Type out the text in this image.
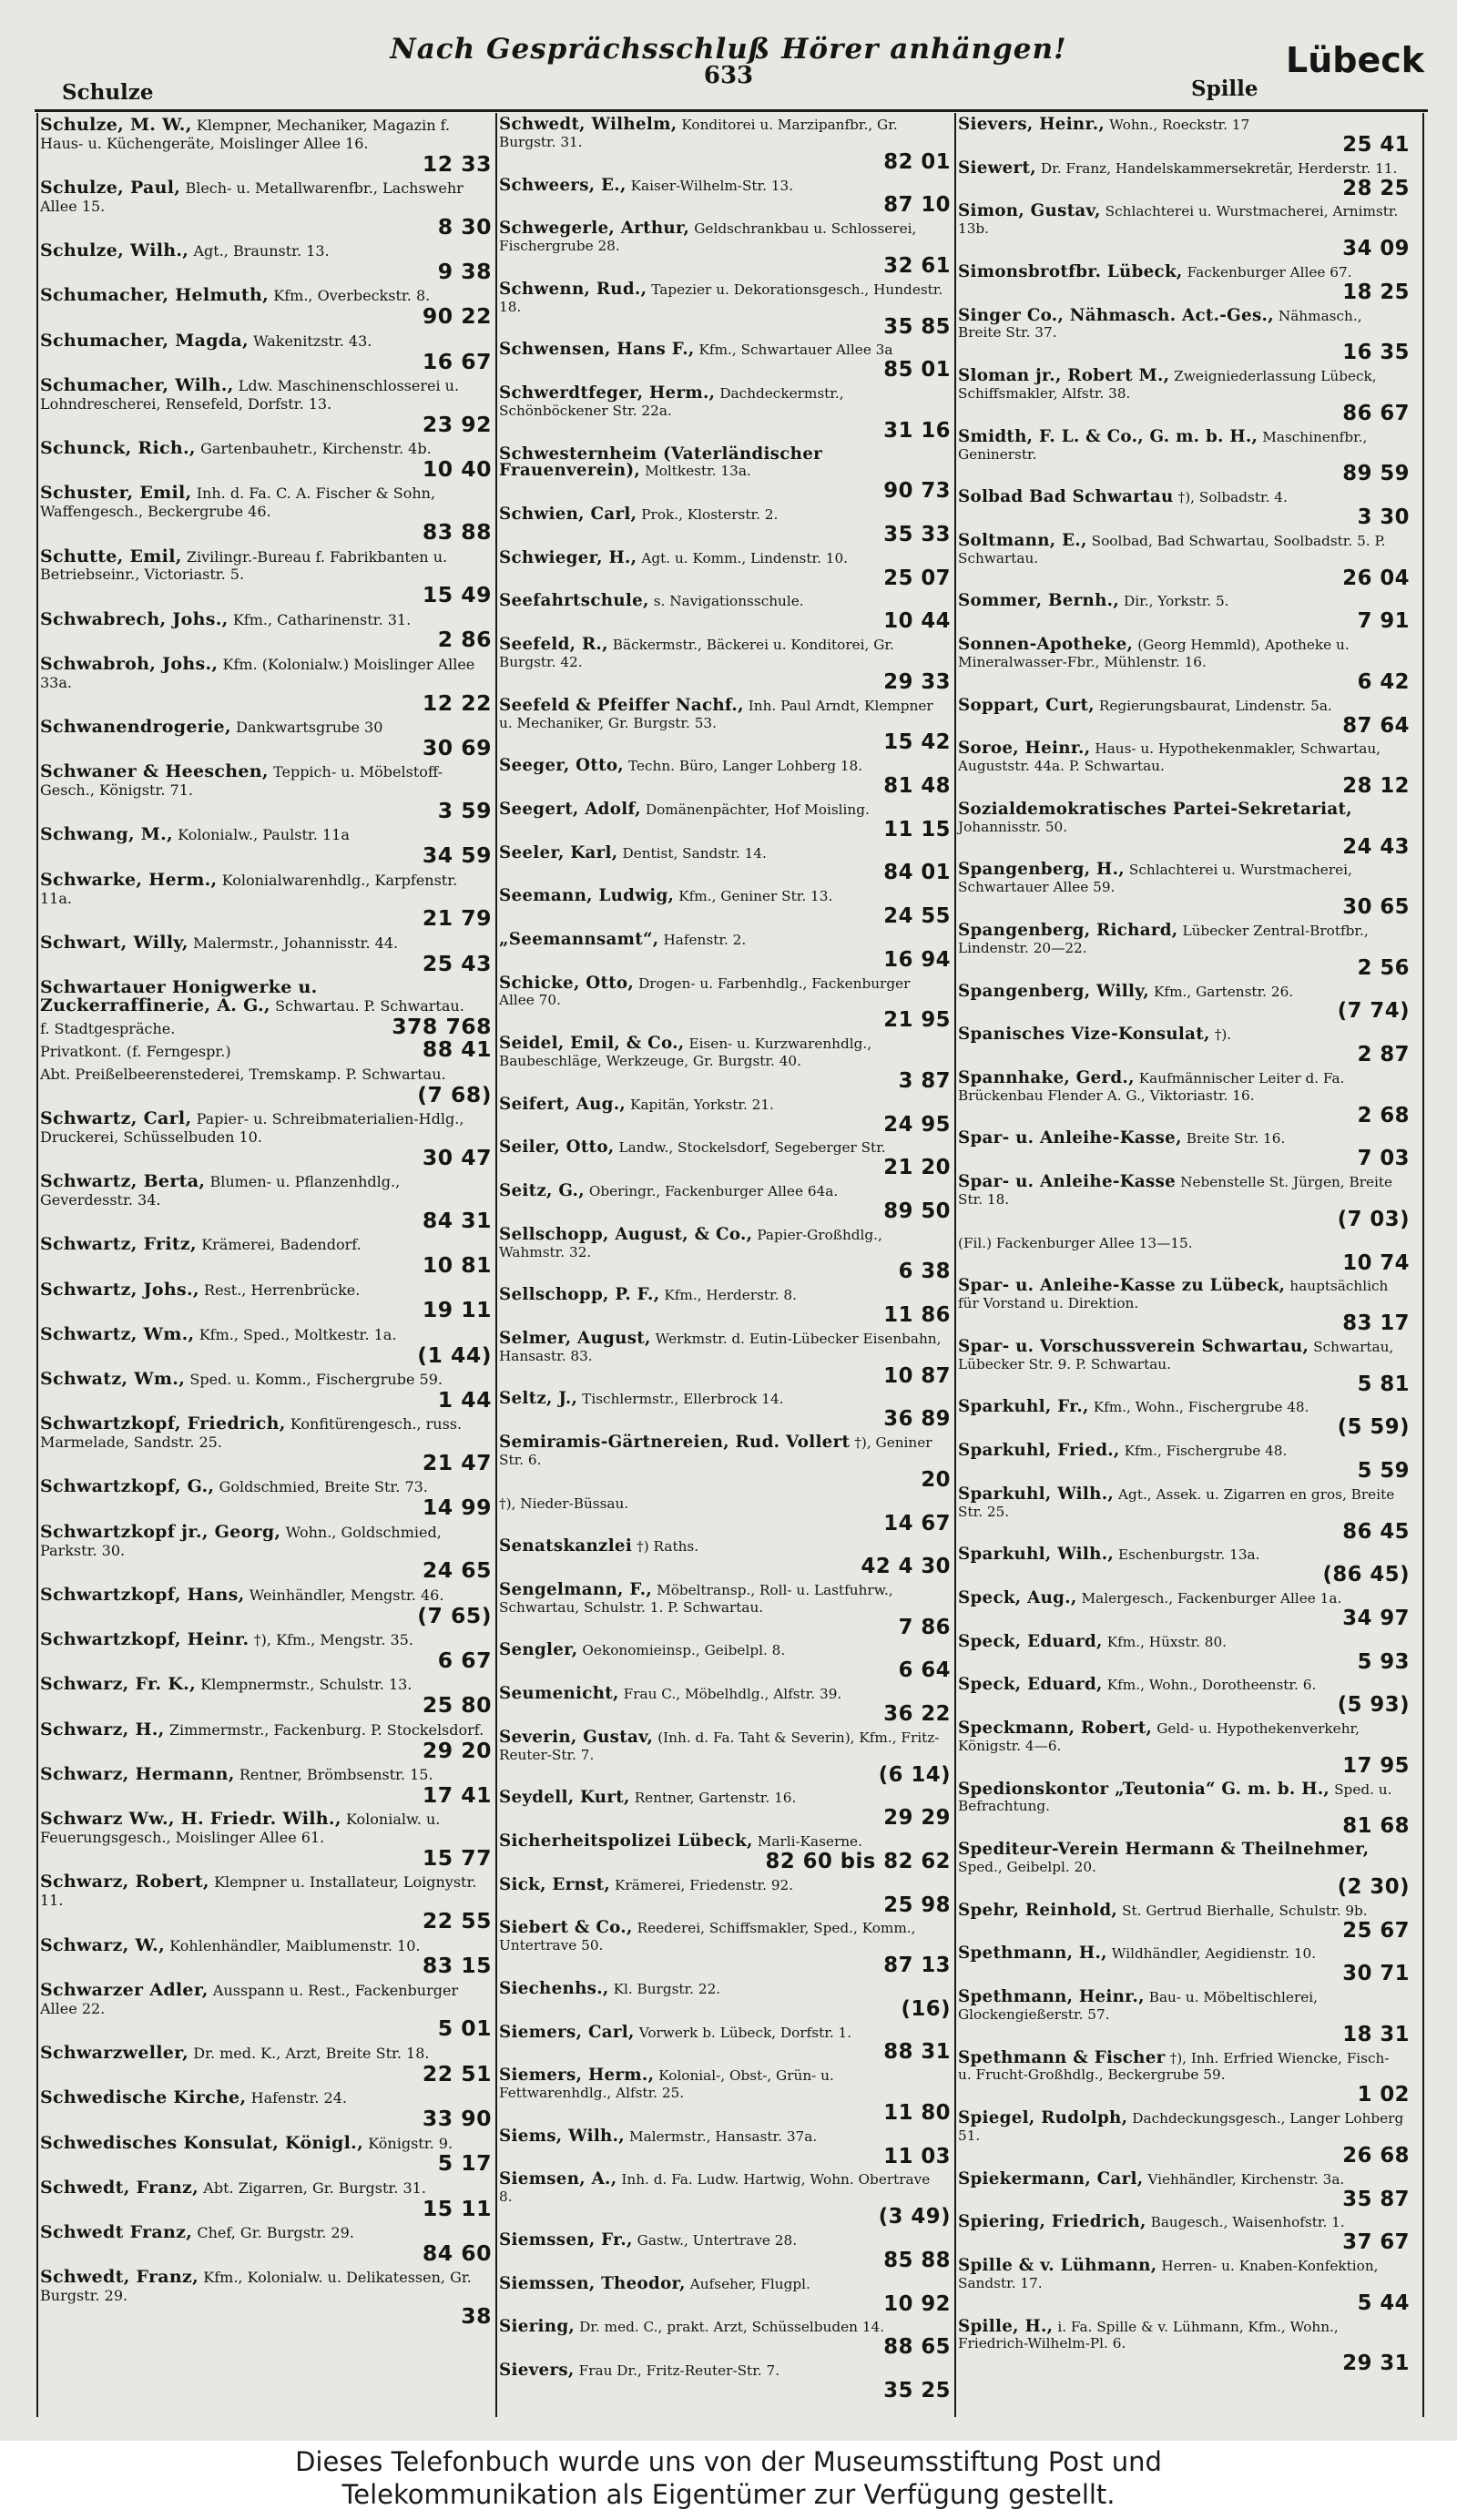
Nach Gesprächsschluß Hörer anhängen!
633
Schulze	Spille
Lübeck
Schulze, M. W., Klempner, Mechaniker, Magazin f. Haus- u. Küchengeräte, Moislinger Allee 16.
12 33
Schulze, Paul, Blech- u. Metallwarenfbr., Lachswehr Allee 15.
8 30
Schulze, Wilh., Agt., Braunstr. 13.
9 38
Schumacher, Helmuth, Kfm., Overbeckstr. 8.
90 22
Schumacher, Magda, Wakenitzstr. 43.
16 67
Schumacher, Wilh., Ldw. Maschinenschlosserei u. Lohndrescherei, Rensefeld, Dorfstr. 13.
23 92
Schunck, Rich., Gartenbauhetr., Kirchenstr. 4b.
10 40
Schuster, Emil, Inh. d. Fa. C. A. Fischer & Sohn, Waffengesch., Beckergrube 46.
83 88
Schutte, Emil, Zivilingr.-Bureau f. Fabrikbanten u. Betriebseinr., Victoriastr. 5.
15 49
Schwabrech, Johs., Kfm., Catharinenstr. 31.
2 86
Schwabroh, Johs., Kfm. (Kolonialw.) Moislinger Allee 33a.
12 22
Schwanendrogerie, Dankwartsgrube 30
30 69
Schwaner & Heeschen, Teppich- u. Möbelstoff-Gesch., Königstr. 71.
3 59
Schwang, M., Kolonialw., Paulstr. 11a
34 59
Schwarke, Herm., Kolonialwarenhdlg., Karpfenstr. 11a.
21 79
Schwart, Willy, Malermstr., Johannisstr. 44.
25 43
Schwartauer Honigwerke u. Zuckerraffinerie, A. G., Schwartau. P. Schwartau.
f. Stadtgespräche.	378 768
Privatkont. (f. Ferngespr.)	88 41
Abt. Preißelbeerenstederei, Tremskamp. P. Schwartau.
(7 68)
Schwartz, Carl, Papier- u. Schreibmaterialien-Hdlg., Druckerei, Schüsselbuden 10.
30 47
Schwartz, Berta, Blumen- u. Pflanzenhdlg., Geverdesstr. 34.
84 31
Schwartz, Fritz, Krämerei, Badendorf.
10 81
Schwartz, Johs., Rest., Herrenbrücke.
19 11
Schwartz, Wm., Kfm., Sped., Moltkestr. 1a.
(1 44)
Schwatz, Wm., Sped. u. Komm., Fischergrube 59.
1 44
Schwartzkopf, Friedrich, Konfitürengesch., russ. Marmelade, Sandstr. 25.
21 47
Schwartzkopf, G., Goldschmied, Breite Str. 73.
14 99
Schwartzkopf jr., Georg, Wohn., Goldschmied, Parkstr. 30.
24 65
Schwartzkopf, Hans, Weinhändler, Mengstr. 46.
(7 65)
Schwartzkopf, Heinr. †), Kfm., Mengstr. 35.
6 67
Schwarz, Fr. K., Klempnermstr., Schulstr. 13.
25 80
Schwarz, H., Zimmermstr., Fackenburg. P. Stockelsdorf.
29 20
Schwarz, Hermann, Rentner, Brömbsenstr. 15.
17 41
Schwarz Ww., H. Friedr. Wilh., Kolonialw. u. Feuerungsgesch., Moislinger Allee 61.
15 77
Schwarz, Robert, Klempner u. Installateur, Loignystr. 11.
22 55
Schwarz, W., Kohlenhändler, Maiblumenstr. 10.
83 15
Schwarzer Adler, Ausspann u. Rest., Fackenburger Allee 22.
5 01
Schwarzweller, Dr. med. K., Arzt, Breite Str. 18.
22 51
Schwedische Kirche, Hafenstr. 24.
33 90
Schwedisches Konsulat, Königl., Königstr. 9.
5 17
Schwedt, Franz, Abt. Zigarren, Gr. Burgstr. 31.
15 11
Schwedt Franz, Chef, Gr. Burgstr. 29.
84 60
Schwedt, Franz, Kfm., Kolonialw. u. Delikatessen, Gr. Burgstr. 29.
38
Schwedt, Wilhelm, Konditorei u. Marzipanfbr., Gr. Burgstr. 31.
82 01
Schweers, E., Kaiser-Wilhelm-Str. 13.
87 10
Schwegerle, Arthur, Geldschrankbau u. Schlosserei, Fischergrube 28.
32 61
Schwenn, Rud., Tapezier u. Dekorationsgesch., Hundestr. 18.
35 85
Schwensen, Hans F., Kfm., Schwartauer Allee 3a
85 01
Schwerdtfeger, Herm., Dachdeckermstr., Schönböckener Str. 22a.
31 16
Schwesternheim (Vaterländischer Frauenverein), Moltkestr. 13a.
90 73
Schwien, Carl, Prok., Klosterstr. 2.
35 33
Schwieger, H., Agt. u. Komm., Lindenstr. 10.
25 07
Seefahrtschule, s. Navigationsschule.
10 44
Seefeld, R., Bäckermstr., Bäckerei u. Konditorei, Gr. Burgstr. 42.
29 33
Seefeld & Pfeiffer Nachf., Inh. Paul Arndt, Klempner u. Mechaniker, Gr. Burgstr. 53.
15 42
Seeger, Otto, Techn. Büro, Langer Lohberg 18.
81 48
Seegert, Adolf, Domänenpächter, Hof Moisling.
11 15
Seeler, Karl, Dentist, Sandstr. 14.
84 01
Seemann, Ludwig, Kfm., Geniner Str. 13.
24 55
„Seemannsamt“, Hafenstr. 2.
16 94
Schicke, Otto, Drogen- u. Farbenhdlg., Fackenburger Allee 70.
21 95
Seidel, Emil, & Co., Eisen- u. Kurzwarenhdlg., Baubeschläge, Werkzeuge, Gr. Burgstr. 40.
3 87
Seifert, Aug., Kapitän, Yorkstr. 21.
24 95
Seiler, Otto, Landw., Stockelsdorf, Segeberger Str.
21 20
Seitz, G., Oberingr., Fackenburger Allee 64a.
89 50
Sellschopp, August, & Co., Papier-Großhdlg., Wahmstr. 32.
6 38
Sellschopp, P. F., Kfm., Herderstr. 8.
11 86
Selmer, August, Werkmstr. d. Eutin-Lübecker Eisenbahn, Hansastr. 83.
10 87
Seltz, J., Tischlermstr., Ellerbrock 14.
36 89
Semiramis-Gärtnereien, Rud. Vollert †), Geniner Str. 6.
20
†), Nieder-Büssau.
14 67
Senatskanzlei †) Raths.
42 4 30
Sengelmann, F., Möbeltransp., Roll- u. Lastfuhrw., Schwartau, Schulstr. 1. P. Schwartau.
7 86
Sengler, Oekonomieinsp., Geibelpl. 8.
6 64
Seumenicht, Frau C., Möbelhdlg., Alfstr. 39.
36 22
Severin, Gustav, (Inh. d. Fa. Taht & Severin), Kfm., Fritz-Reuter-Str. 7.
(6 14)
Seydell, Kurt, Rentner, Gartenstr. 16.
29 29
Sicherheitspolizei Lübeck, Marli-Kaserne.
82 60 bis 82 62
Sick, Ernst, Krämerei, Friedenstr. 92.
25 98
Siebert & Co., Reederei, Schiffsmakler, Sped., Komm., Untertrave 50.
87 13
Siechenhs., Kl. Burgstr. 22.
(16)
Siemers, Carl, Vorwerk b. Lübeck, Dorfstr. 1.
88 31
Siemers, Herm., Kolonial-, Obst-, Grün- u. Fettwarenhdlg., Alfstr. 25.
11 80
Siems, Wilh., Malermstr., Hansastr. 37a.
11 03
Siemsen, A., Inh. d. Fa. Ludw. Hartwig, Wohn. Obertrave 8.
(3 49)
Siemssen, Fr., Gastw., Untertrave 28.
85 88
Siemssen, Theodor, Aufseher, Flugpl.
10 92
Siering, Dr. med. C., prakt. Arzt, Schüsselbuden 14.
88 65
Sievers, Frau Dr., Fritz-Reuter-Str. 7.
35 25
Sievers, Heinr., Wohn., Roeckstr. 17
25 41
Siewert, Dr. Franz, Handelskammersekretär, Herderstr. 11.
28 25
Simon, Gustav, Schlachterei u. Wurstmacherei, Arnimstr. 13b.
34 09
Simonsbrotfbr. Lübeck, Fackenburger Allee 67.
18 25
Singer Co., Nähmasch. Act.-Ges., Nähmasch., Breite Str. 37.
16 35
Sloman jr., Robert M., Zweigniederlassung Lübeck, Schiffsmakler, Alfstr. 38.
86 67
Smidth, F. L. & Co., G. m. b. H., Maschinenfbr., Geninerstr.
89 59
Solbad Bad Schwartau †), Solbadstr. 4.
3 30
Soltmann, E., Soolbad, Bad Schwartau, Soolbadstr. 5. P. Schwartau.
26 04
Sommer, Bernh., Dir., Yorkstr. 5.
7 91
Sonnen-Apotheke, (Georg Hemmld), Apotheke u. Mineralwasser-Fbr., Mühlenstr. 16.
6 42
Soppart, Curt, Regierungsbaurat, Lindenstr. 5a.
87 64
Soroe, Heinr., Haus- u. Hypothekenmakler, Schwartau, Auguststr. 44a. P. Schwartau.
28 12
Sozialdemokratisches Partei-Sekretariat, Johannisstr. 50.
24 43
Spangenberg, H., Schlachterei u. Wurstmacherei, Schwartauer Allee 59.
30 65
Spangenberg, Richard, Lübecker Zentral-Brotfbr., Lindenstr. 20—22.
2 56
Spangenberg, Willy, Kfm., Gartenstr. 26.
(7 74)
Spanisches Vize-Konsulat, †).
2 87
Spannhake, Gerd., Kaufmännischer Leiter d. Fa. Brückenbau Flender A. G., Viktoriastr. 16.
2 68
Spar- u. Anleihe-Kasse, Breite Str. 16.
7 03
Spar- u. Anleihe-Kasse Nebenstelle St. Jürgen, Breite Str. 18.
(7 03)
(Fil.) Fackenburger Allee 13—15.
10 74
Spar- u. Anleihe-Kasse zu Lübeck, hauptsächlich für Vorstand u. Direktion.
83 17
Spar- u. Vorschussverein Schwartau, Schwartau, Lübecker Str. 9. P. Schwartau.
5 81
Sparkuhl, Fr., Kfm., Wohn., Fischergrube 48.
(5 59)
Sparkuhl, Fried., Kfm., Fischergrube 48.
5 59
Sparkuhl, Wilh., Agt., Assek. u. Zigarren en gros, Breite Str. 25.
86 45
Sparkuhl, Wilh., Eschenburgstr. 13a.
(86 45)
Speck, Aug., Malergesch., Fackenburger Allee 1a.
34 97
Speck, Eduard, Kfm., Hüxstr. 80.
5 93
Speck, Eduard, Kfm., Wohn., Dorotheenstr. 6.
(5 93)
Speckmann, Robert, Geld- u. Hypothekenverkehr, Königstr. 4—6.
17 95
Spedionskontor „Teutonia“ G. m. b. H., Sped. u. Befrachtung.
81 68
Spediteur-Verein Hermann & Theilnehmer, Sped., Geibelpl. 20.
(2 30)
Spehr, Reinhold, St. Gertrud Bierhalle, Schulstr. 9b.
25 67
Spethmann, H., Wildhändler, Aegidienstr. 10.
30 71
Spethmann, Heinr., Bau- u. Möbeltischlerei, Glockengießerstr. 57.
18 31
Spethmann & Fischer †), Inh. Erfried Wiencke, Fisch- u. Frucht-Großhdlg., Beckergrube 59.
1 02
Spiegel, Rudolph, Dachdeckungsgesch., Langer Lohberg 51.
26 68
Spiekermann, Carl, Viehhändler, Kirchenstr. 3a.
35 87
Spiering, Friedrich, Baugesch., Waisenhofstr. 1.
37 67
Spille & v. Lühmann, Herren- u. Knaben-Konfektion, Sandstr. 17.
5 44
Spille, H., i. Fa. Spille & v. Lühmann, Kfm., Wohn., Friedrich-Wilhelm-Pl. 6.
29 31
Dieses Telefonbuch wurde uns von der Museumsstiftung Post und
Telekommunikation als Eigentümer zur Verfügung gestellt.
